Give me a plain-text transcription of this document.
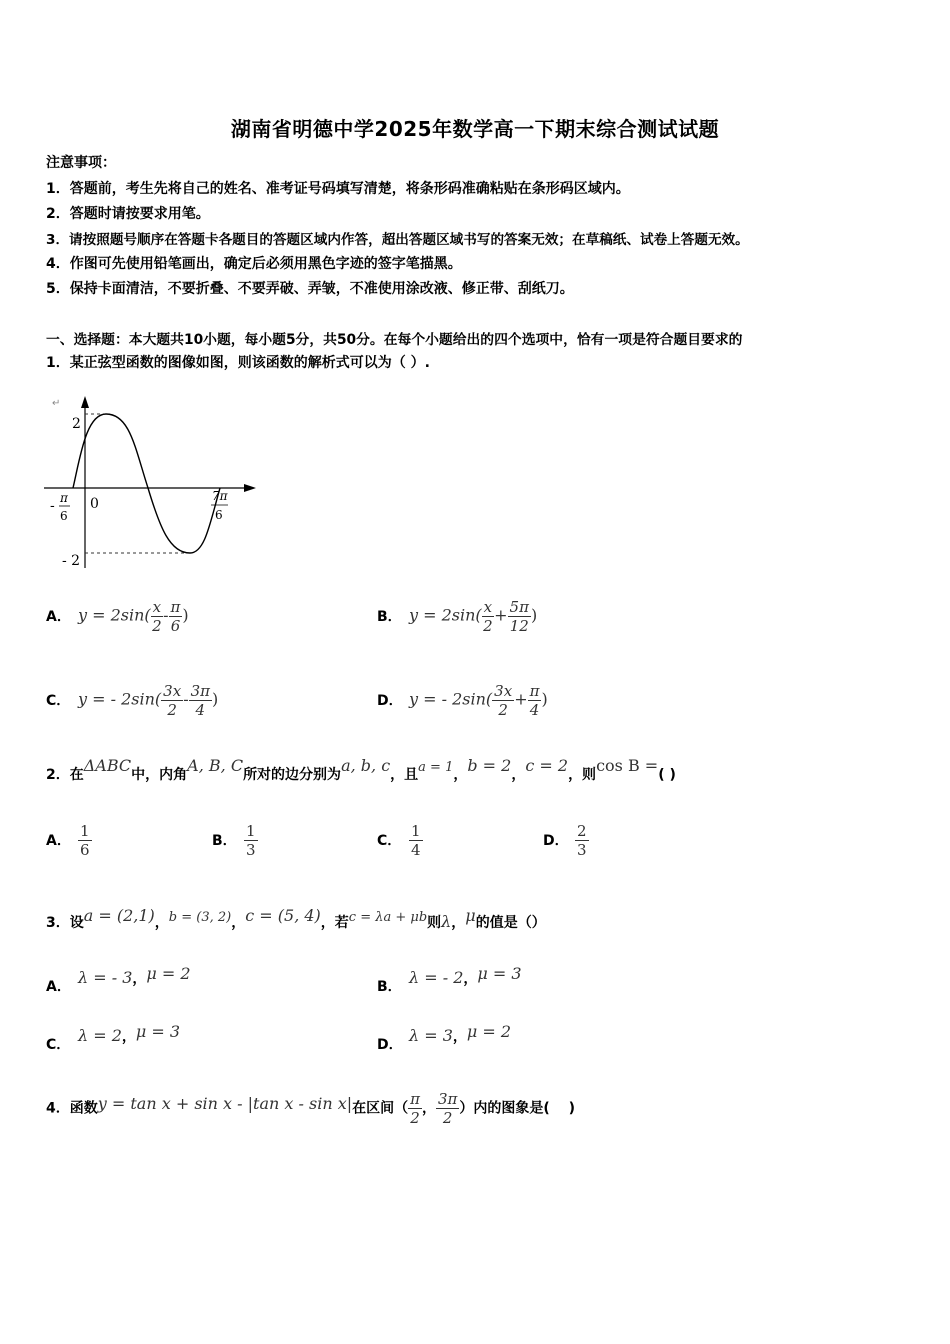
湖南省明德中学2025年数学高一下期末综合测试试题
注意事项：
1．答题前，考生先将自己的姓名、准考证号码填写清楚，将条形码准确粘贴在条形码区域内。
2．答题时请按要求用笔。
3．请按照题号顺序在答题卡各题目的答题区域内作答，超出答题区域书写的答案无效；在草稿纸、试卷上答题无效。
4．作图可先使用铅笔画出，确定后必须用黑色字迹的签字笔描黑。
5．保持卡面清洁，不要折叠、不要弄破、弄皱，不准使用涂改液、修正带、刮纸刀。
一、选择题：本大题共10小题，每小题5分，共50分。在每个小题给出的四个选项中，恰有一项是符合题目要求的
1．某正弦型函数的图像如图，则该函数的解析式可以为（ ）.
↵
2
- 2
0
- π
6
7π
6
A． $y = 2\sin( \frac{x}{2} - \frac{\pi}{6}$ )	B． $y = 2\sin( \frac{x}{2} + \frac{5\pi}{12}$ )
C． y = - $2\sin( \frac{3x}{2} - \frac{3\pi}{4}$ )	D． y = - $2\sin( \frac{3x}{2} + \frac{\pi}{4}$ )
2．在ΔABC中，内角A, B, C所对的边分别为a, b, c，且a = 1，b = 2，c = 2，则cos B =( )
A． $\frac{1}{6}$	B． $\frac{1}{3}$	C． $\frac{1}{4}$	D． $\frac{2}{3}$
3．设a = (2,1)，b = (3, 2)，c = (5, 4)，若c = λa + μb则λ，μ的值是（）
A． λ = - 3，μ = 2
B． λ = - 2，μ = 3
C． λ = 2，μ = 3
D． λ = 3，μ = 2
4．函数y = tan x + sin x - |tan x - sin x|在区间（ $\frac{\pi}{2}$ ， $\frac{3\pi}{2}$ ）内的图象是(　 )
